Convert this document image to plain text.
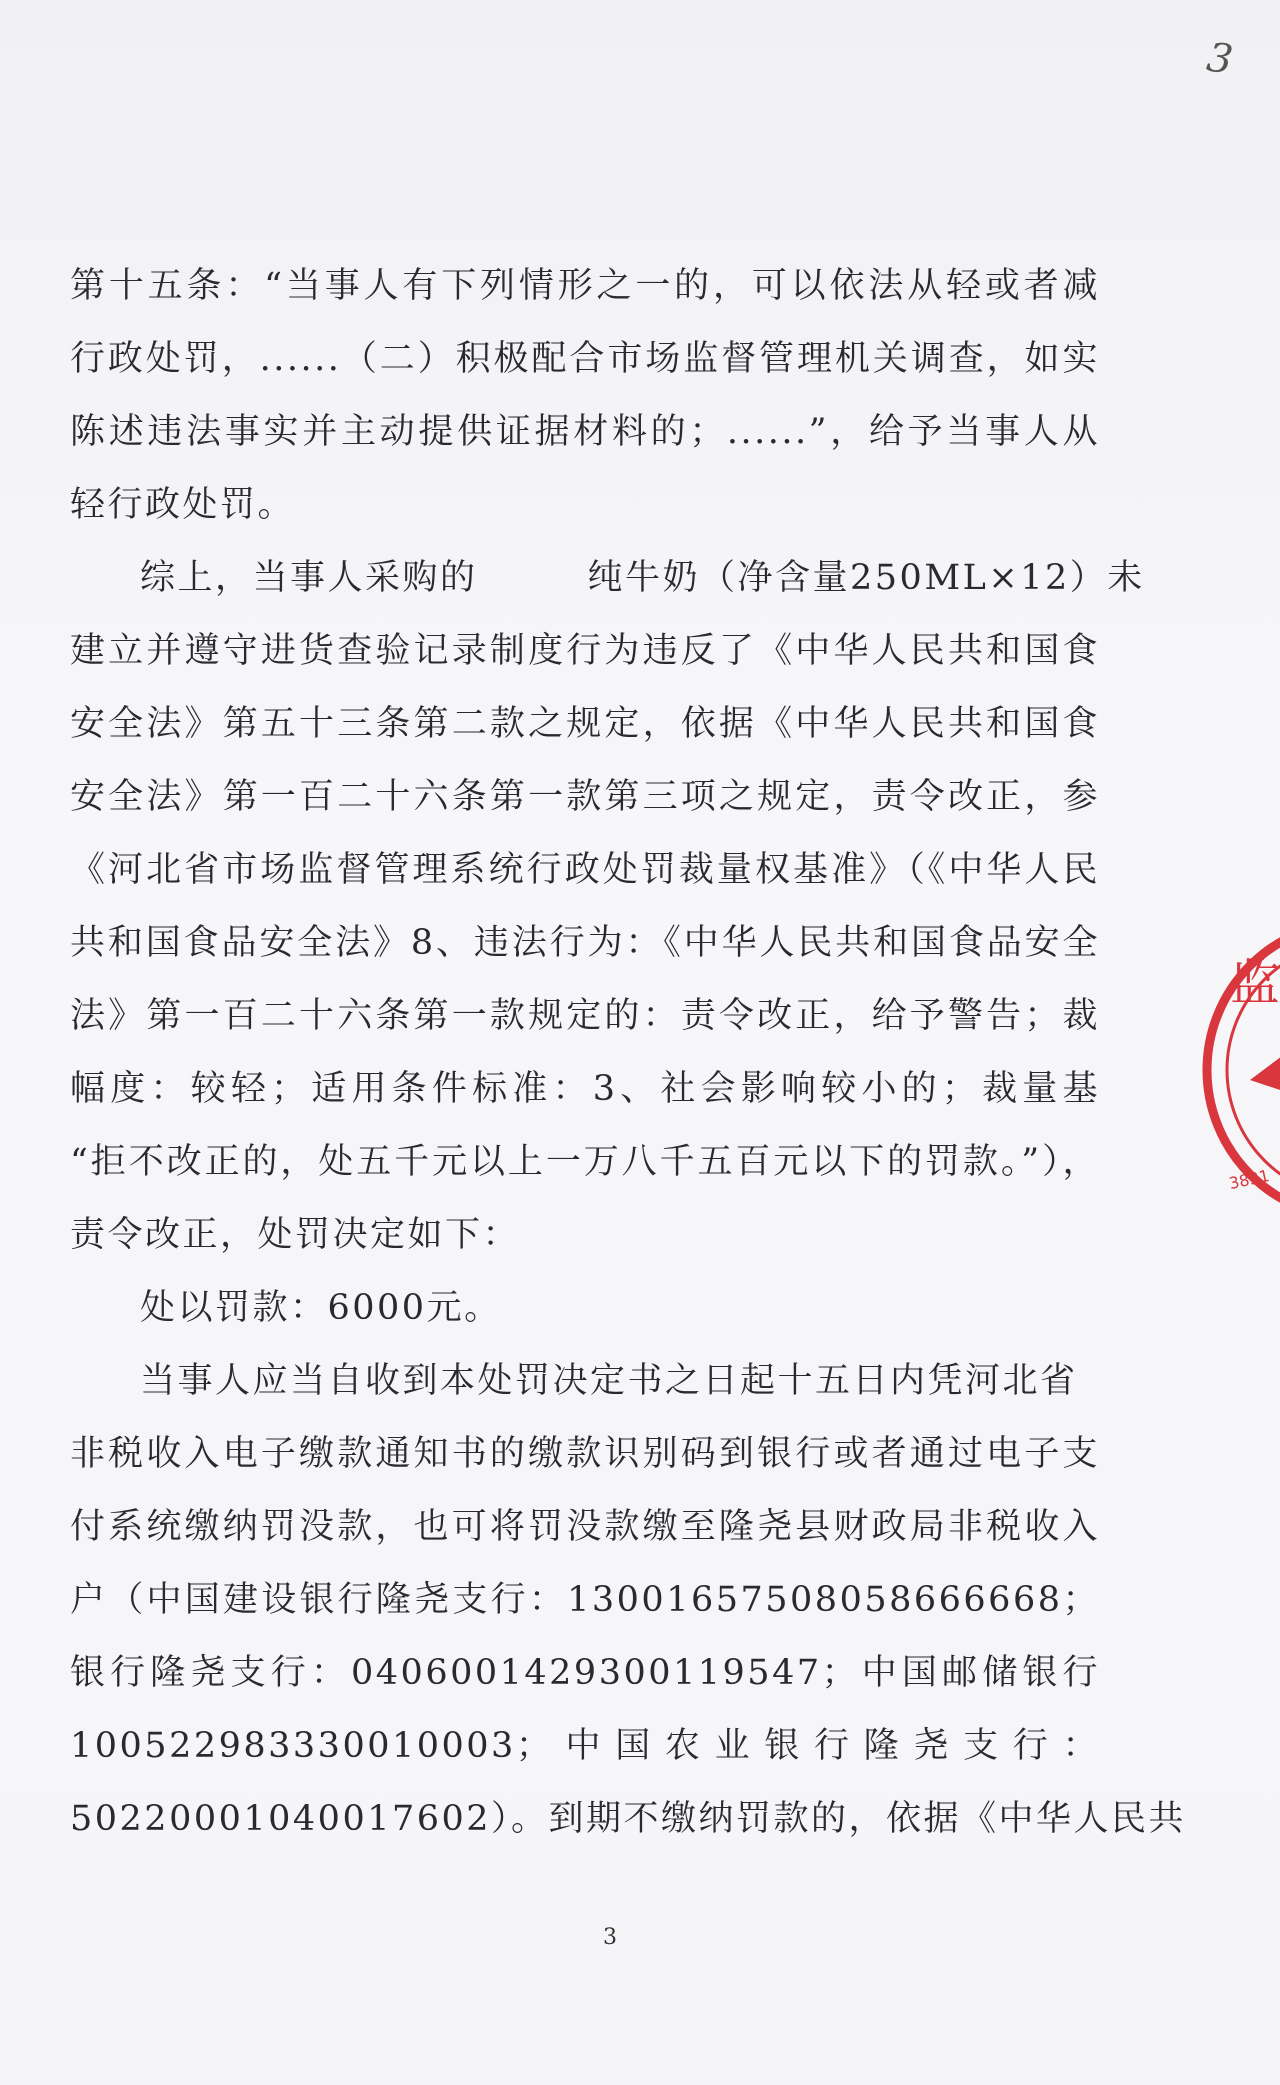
3
第十五条：“当事人有下列情形之一的，可以依法从轻或者减
行政处罚，......（二）积极配合市场监督管理机关调查，如实
陈述违法事实并主动提供证据材料的；......”，给予当事人从
轻行政处罚。
综上，当事人采购的	纯牛奶（净含量250ML×12）未
建立并遵守进货查验记录制度行为违反了《中华人民共和国食
安全法》第五十三条第二款之规定，依据《中华人民共和国食
安全法》第一百二十六条第一款第三项之规定，责令改正，参
《河北省市场监督管理系统行政处罚裁量权基准》（《中华人民
共和国食品安全法》8、违法行为：《中华人民共和国食品安全
法》第一百二十六条第一款规定的：责令改正，给予警告；裁
幅度：较轻；适用条件标准：3、社会影响较小的；裁量基
“拒不改正的，处五千元以上一万八千五百元以下的罚款。”），
责令改正，处罚决定如下：
处以罚款：6000元。
当事人应当自收到本处罚决定书之日起十五日内凭河北省
非税收入电子缴款通知书的缴款识别码到银行或者通过电子支
付系统缴纳罚没款，也可将罚没款缴至隆尧县财政局非税收入
户（中国建设银行隆尧支行：13001657508058666668；
银行隆尧支行：0406001429300119547；中国邮储银行
100522983330010003；中国农业银行隆尧支行：
50220001040017602）。到期不缴纳罚款的，依据《中华人民共
3
监
3831
